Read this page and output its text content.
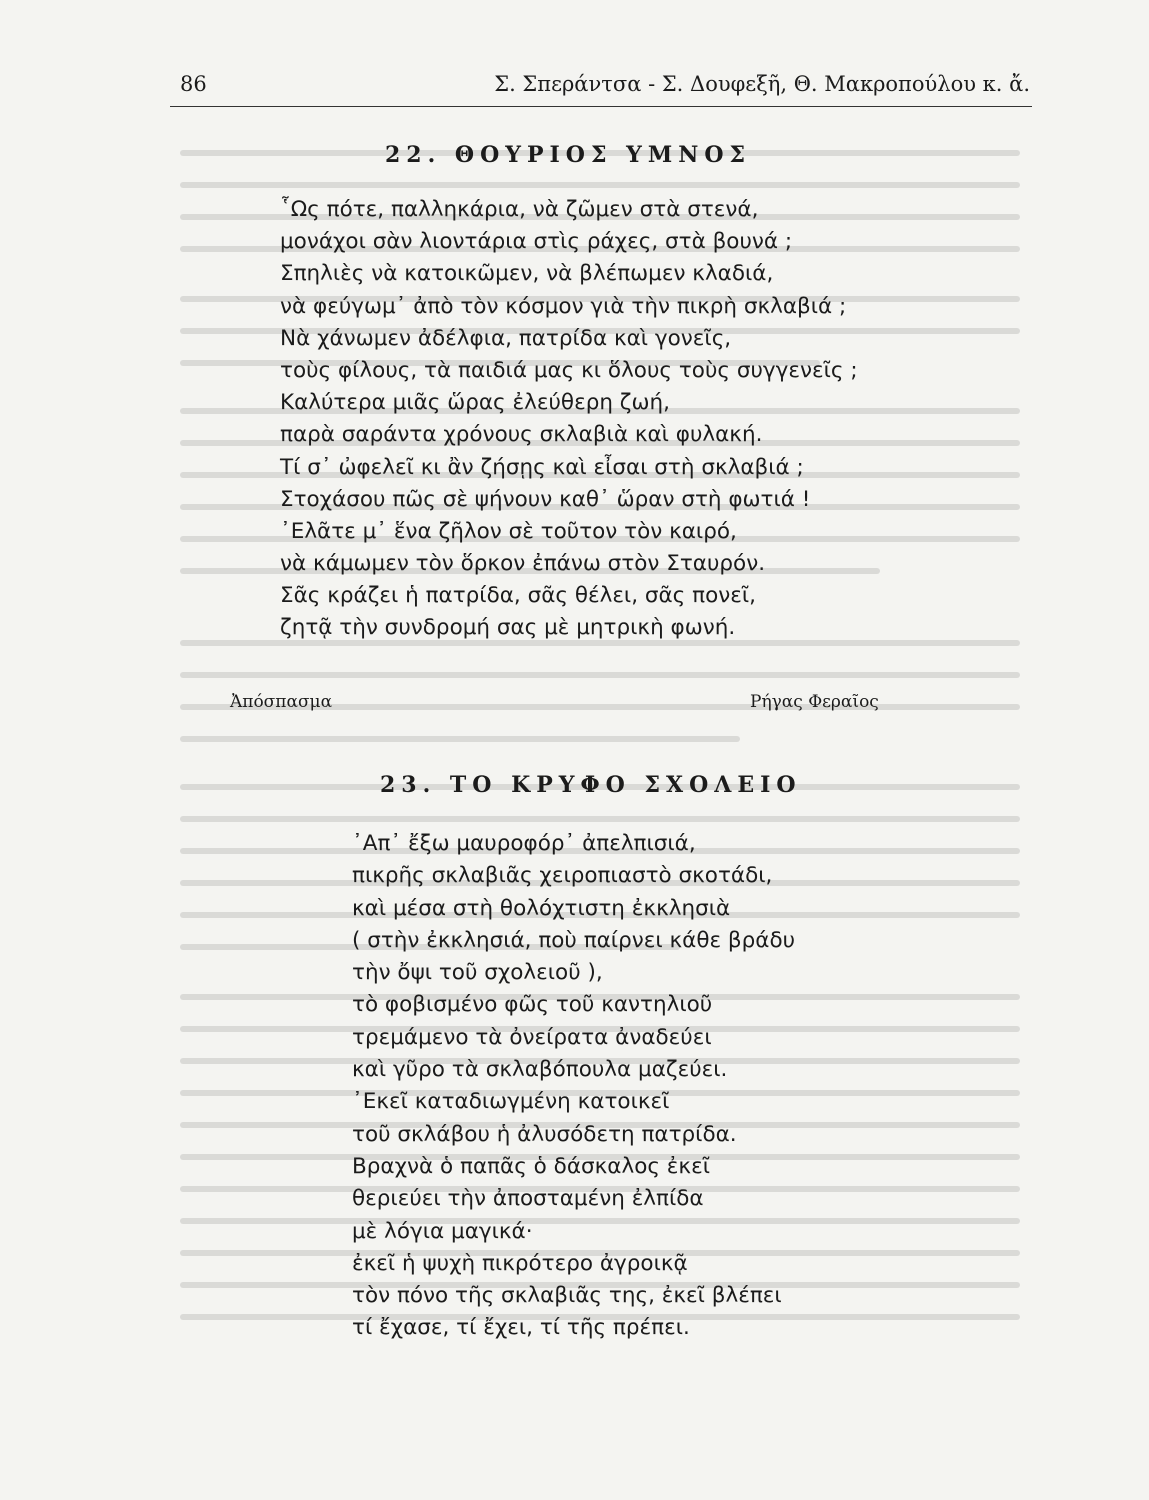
86	Σ. Σπεράντσα - Σ. Δουφεξῆ, Θ. Μακροπούλου κ. ἄ.
22. ΘΟΥΡΙΟΣ ΥΜΝΟΣ
῟Ως πότε, παλληκάρια, νὰ ζῶμεν στὰ στενά,
μονάχοι σὰν λιοντάρια στὶς ράχες, στὰ βουνά ;
Σπηλιὲς νὰ κατοικῶμεν, νὰ βλέπωμεν κλαδιά,
νὰ φεύγωμ᾽ ἀπὸ τὸν κόσμον γιὰ τὴν πικρὴ σκλαβιά ;
Νὰ χάνωμεν ἀδέλφια, πατρίδα καὶ γονεῖς,
τοὺς φίλους, τὰ παιδιά μας κι ὅλους τοὺς συγγενεῖς ;
Καλύτερα μιᾶς ὥρας ἐλεύθερη ζωή,
παρὰ σαράντα χρόνους σκλαβιὰ καὶ φυλακή.
Τί σ᾽ ὠφελεῖ κι ἂν ζήσῃς καὶ εἶσαι στὴ σκλαβιά ;
Στοχάσου πῶς σὲ ψήνουν καθ᾽ ὥραν στὴ φωτιά !
᾽Ελᾶτε μ᾽ ἕνα ζῆλον σὲ τοῦτον τὸν καιρό,
νὰ κάμωμεν τὸν ὅρκον ἐπάνω στὸν Σταυρόν.
Σᾶς κράζει ἡ πατρίδα, σᾶς θέλει, σᾶς πονεῖ,
ζητᾷ τὴν συνδρομή σας μὲ μητρικὴ φωνή.
Ἀπόσπασμα	Ρήγας Φεραῖος
23. ΤΟ ΚΡΥΦΟ ΣΧΟΛΕΙΟ
᾽Απ᾽ ἔξω μαυροφόρ᾽ ἀπελπισιά,
πικρῆς σκλαβιᾶς χειροπιαστὸ σκοτάδι,
καὶ μέσα στὴ θολόχτιστη ἐκκλησιὰ
( στὴν ἐκκλησιά, ποὺ παίρνει κάθε βράδυ
τὴν ὄψι τοῦ σχολειοῦ ),
τὸ φοβισμένο φῶς τοῦ καντηλιοῦ
τρεμάμενο τὰ ὀνείρατα ἀναδεύει
καὶ γῦρο τὰ σκλαβόπουλα μαζεύει.
᾽Εκεῖ καταδιωγμένη κατοικεῖ
τοῦ σκλάβου ἡ ἀλυσόδετη πατρίδα.
Βραχνὰ ὁ παπᾶς ὁ δάσκαλος ἐκεῖ
θεριεύει τὴν ἀποσταμένη ἐλπίδα
μὲ λόγια μαγικά·
ἐκεῖ ἡ ψυχὴ πικρότερο ἀγροικᾷ
τὸν πόνο τῆς σκλαβιᾶς της, ἐκεῖ βλέπει
τί ἔχασε, τί ἔχει, τί τῆς πρέπει.
